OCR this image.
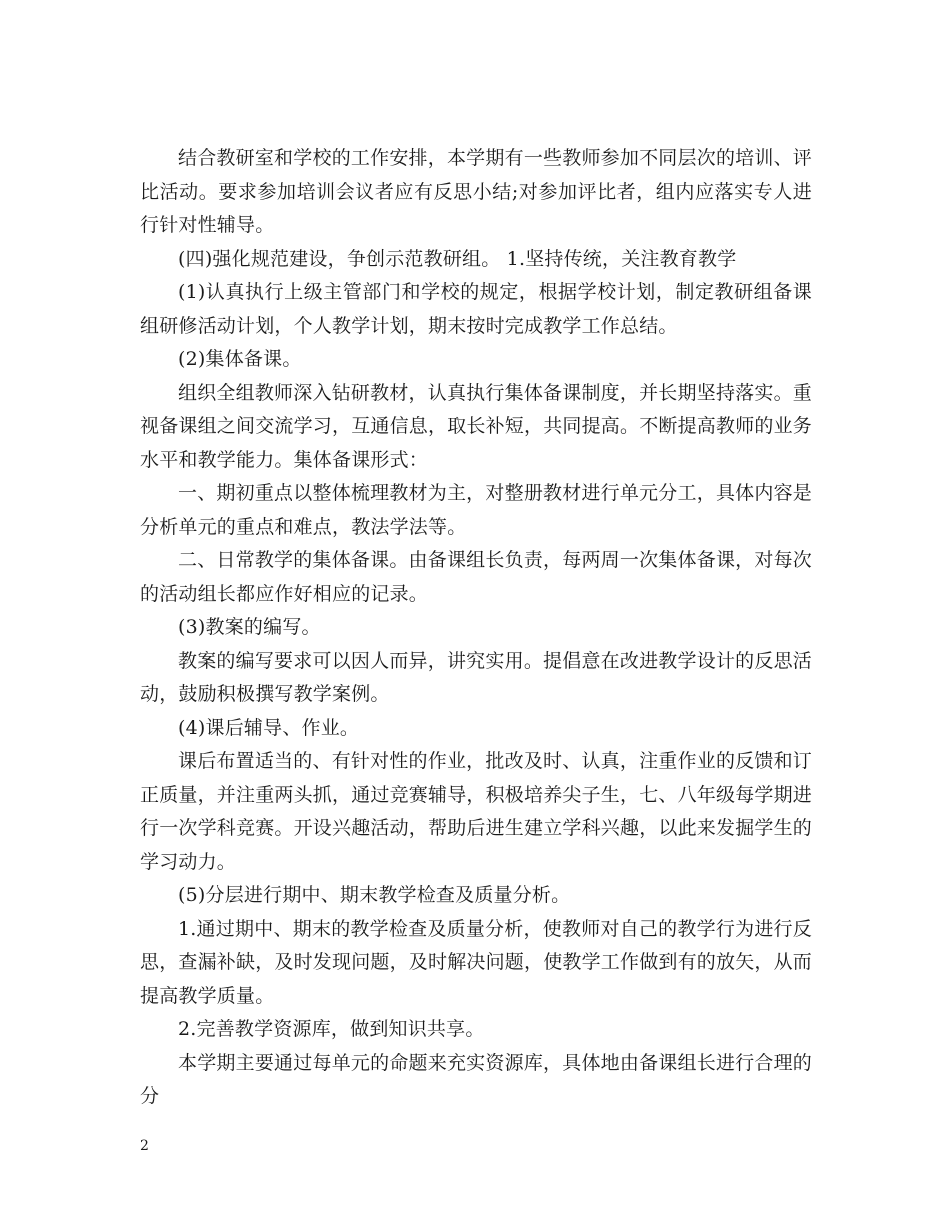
结合教研室和学校的工作安排，本学期有一些教师参加不同层次的培训、评比活动。要求参加培训会议者应有反思小结;对参加评比者，组内应落实专人进行针对性辅导。

(四)强化规范建设，争创示范教研组。 1.坚持传统，关注教育教学

(1)认真执行上级主管部门和学校的规定，根据学校计划，制定教研组备课组研修活动计划，个人教学计划，期末按时完成教学工作总结。

(2)集体备课。

组织全组教师深入钻研教材，认真执行集体备课制度，并长期坚持落实。重视备课组之间交流学习，互通信息，取长补短，共同提高。不断提高教师的业务水平和教学能力。集体备课形式：

一、期初重点以整体梳理教材为主，对整册教材进行单元分工，具体内容是分析单元的重点和难点，教法学法等。

二、日常教学的集体备课。由备课组长负责，每两周一次集体备课，对每次的活动组长都应作好相应的记录。

(3)教案的编写。

教案的编写要求可以因人而异，讲究实用。提倡意在改进教学设计的反思活动，鼓励积极撰写教学案例。

(4)课后辅导、作业。

课后布置适当的、有针对性的作业，批改及时、认真，注重作业的反馈和订正质量，并注重两头抓，通过竞赛辅导，积极培养尖子生，七、八年级每学期进行一次学科竞赛。开设兴趣活动，帮助后进生建立学科兴趣，以此来发掘学生的学习动力。

(5)分层进行期中、期末教学检查及质量分析。

1.通过期中、期末的教学检查及质量分析，使教师对自己的教学行为进行反思，查漏补缺，及时发现问题，及时解决问题，使教学工作做到有的放矢，从而提高教学质量。

2.完善教学资源库，做到知识共享。

本学期主要通过每单元的命题来充实资源库，具体地由备课组长进行合理的分

2
